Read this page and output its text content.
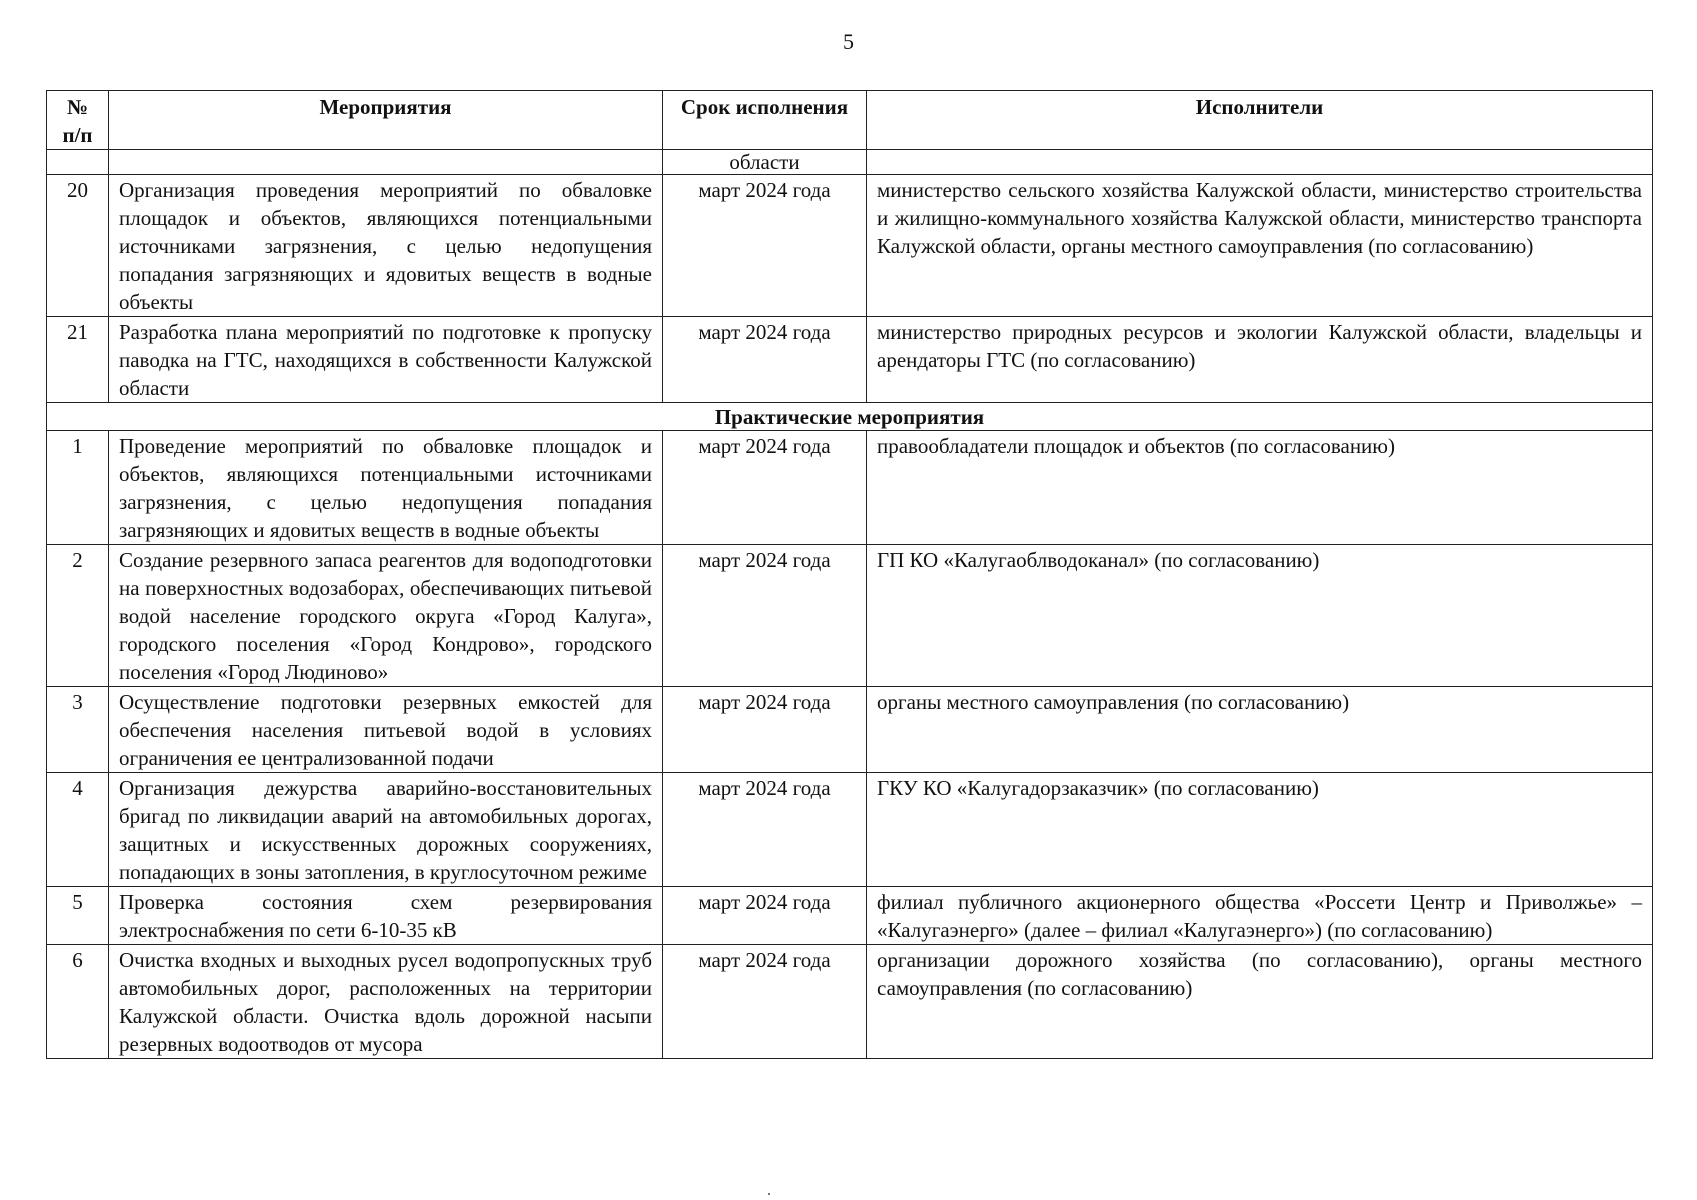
5
№ п/п	Мероприятия	Срок исполнения	Исполнители
		области	
20	Организация проведения мероприятий по обваловке площадок и объектов, являющихся потенциальными источниками загрязнения, с целью недопущения попадания загрязняющих и ядовитых веществ в водные объекты	март 2024 года	министерство сельского хозяйства Калужской области, министерство строительства и жилищно-коммунального хозяйства Калужской области, министерство транспорта Калужской области, органы местного самоуправления (по согласованию)
21	Разработка плана мероприятий по подготовке к пропуску паводка на ГТС, находящихся в собственности Калужской области	март 2024 года	министерство природных ресурсов и экологии Калужской области, владельцы и арендаторы ГТС (по согласованию)
Практические мероприятия			
1	Проведение мероприятий по обваловке площадок и объектов, являющихся потенциальными источниками загрязнения, с целью недопущения попадания загрязняющих и ядовитых веществ в водные объекты	март 2024 года	правообладатели площадок и объектов (по согласованию)
2	Создание резервного запаса реагентов для водоподготовки на поверхностных водозаборах, обеспечивающих питьевой водой население городского округа «Город Калуга», городского поселения «Город Кондрово», городского поселения «Город Людиново»	март 2024 года	ГП КО «Калугаоблводоканал» (по согласованию)
3	Осуществление подготовки резервных емкостей для обеспечения населения питьевой водой в условиях ограничения ее централизованной подачи	март 2024 года	органы местного самоуправления (по согласованию)
4	Организация дежурства аварийно-восстановительных бригад по ликвидации аварий на автомобильных дорогах, защитных и искусственных дорожных сооружениях, попадающих в зоны затопления, в круглосуточном режиме	март 2024 года	ГКУ КО «Калугадорзаказчик» (по согласованию)
5	Проверка состояния схем резервирования электроснабжения по сети 6-10-35 кВ	март 2024 года	филиал публичного акционерного общества «Россети Центр и Приволжье» – «Калугаэнерго» (далее – филиал «Калугаэнерго») (по согласованию)
6	Очистка входных и выходных русел водопропускных труб автомобильных дорог, расположенных на территории Калужской области. Очистка вдоль дорожной насыпи резервных водоотводов от мусора	март 2024 года	организации дорожного хозяйства (по согласованию), органы местного самоуправления (по согласованию)
